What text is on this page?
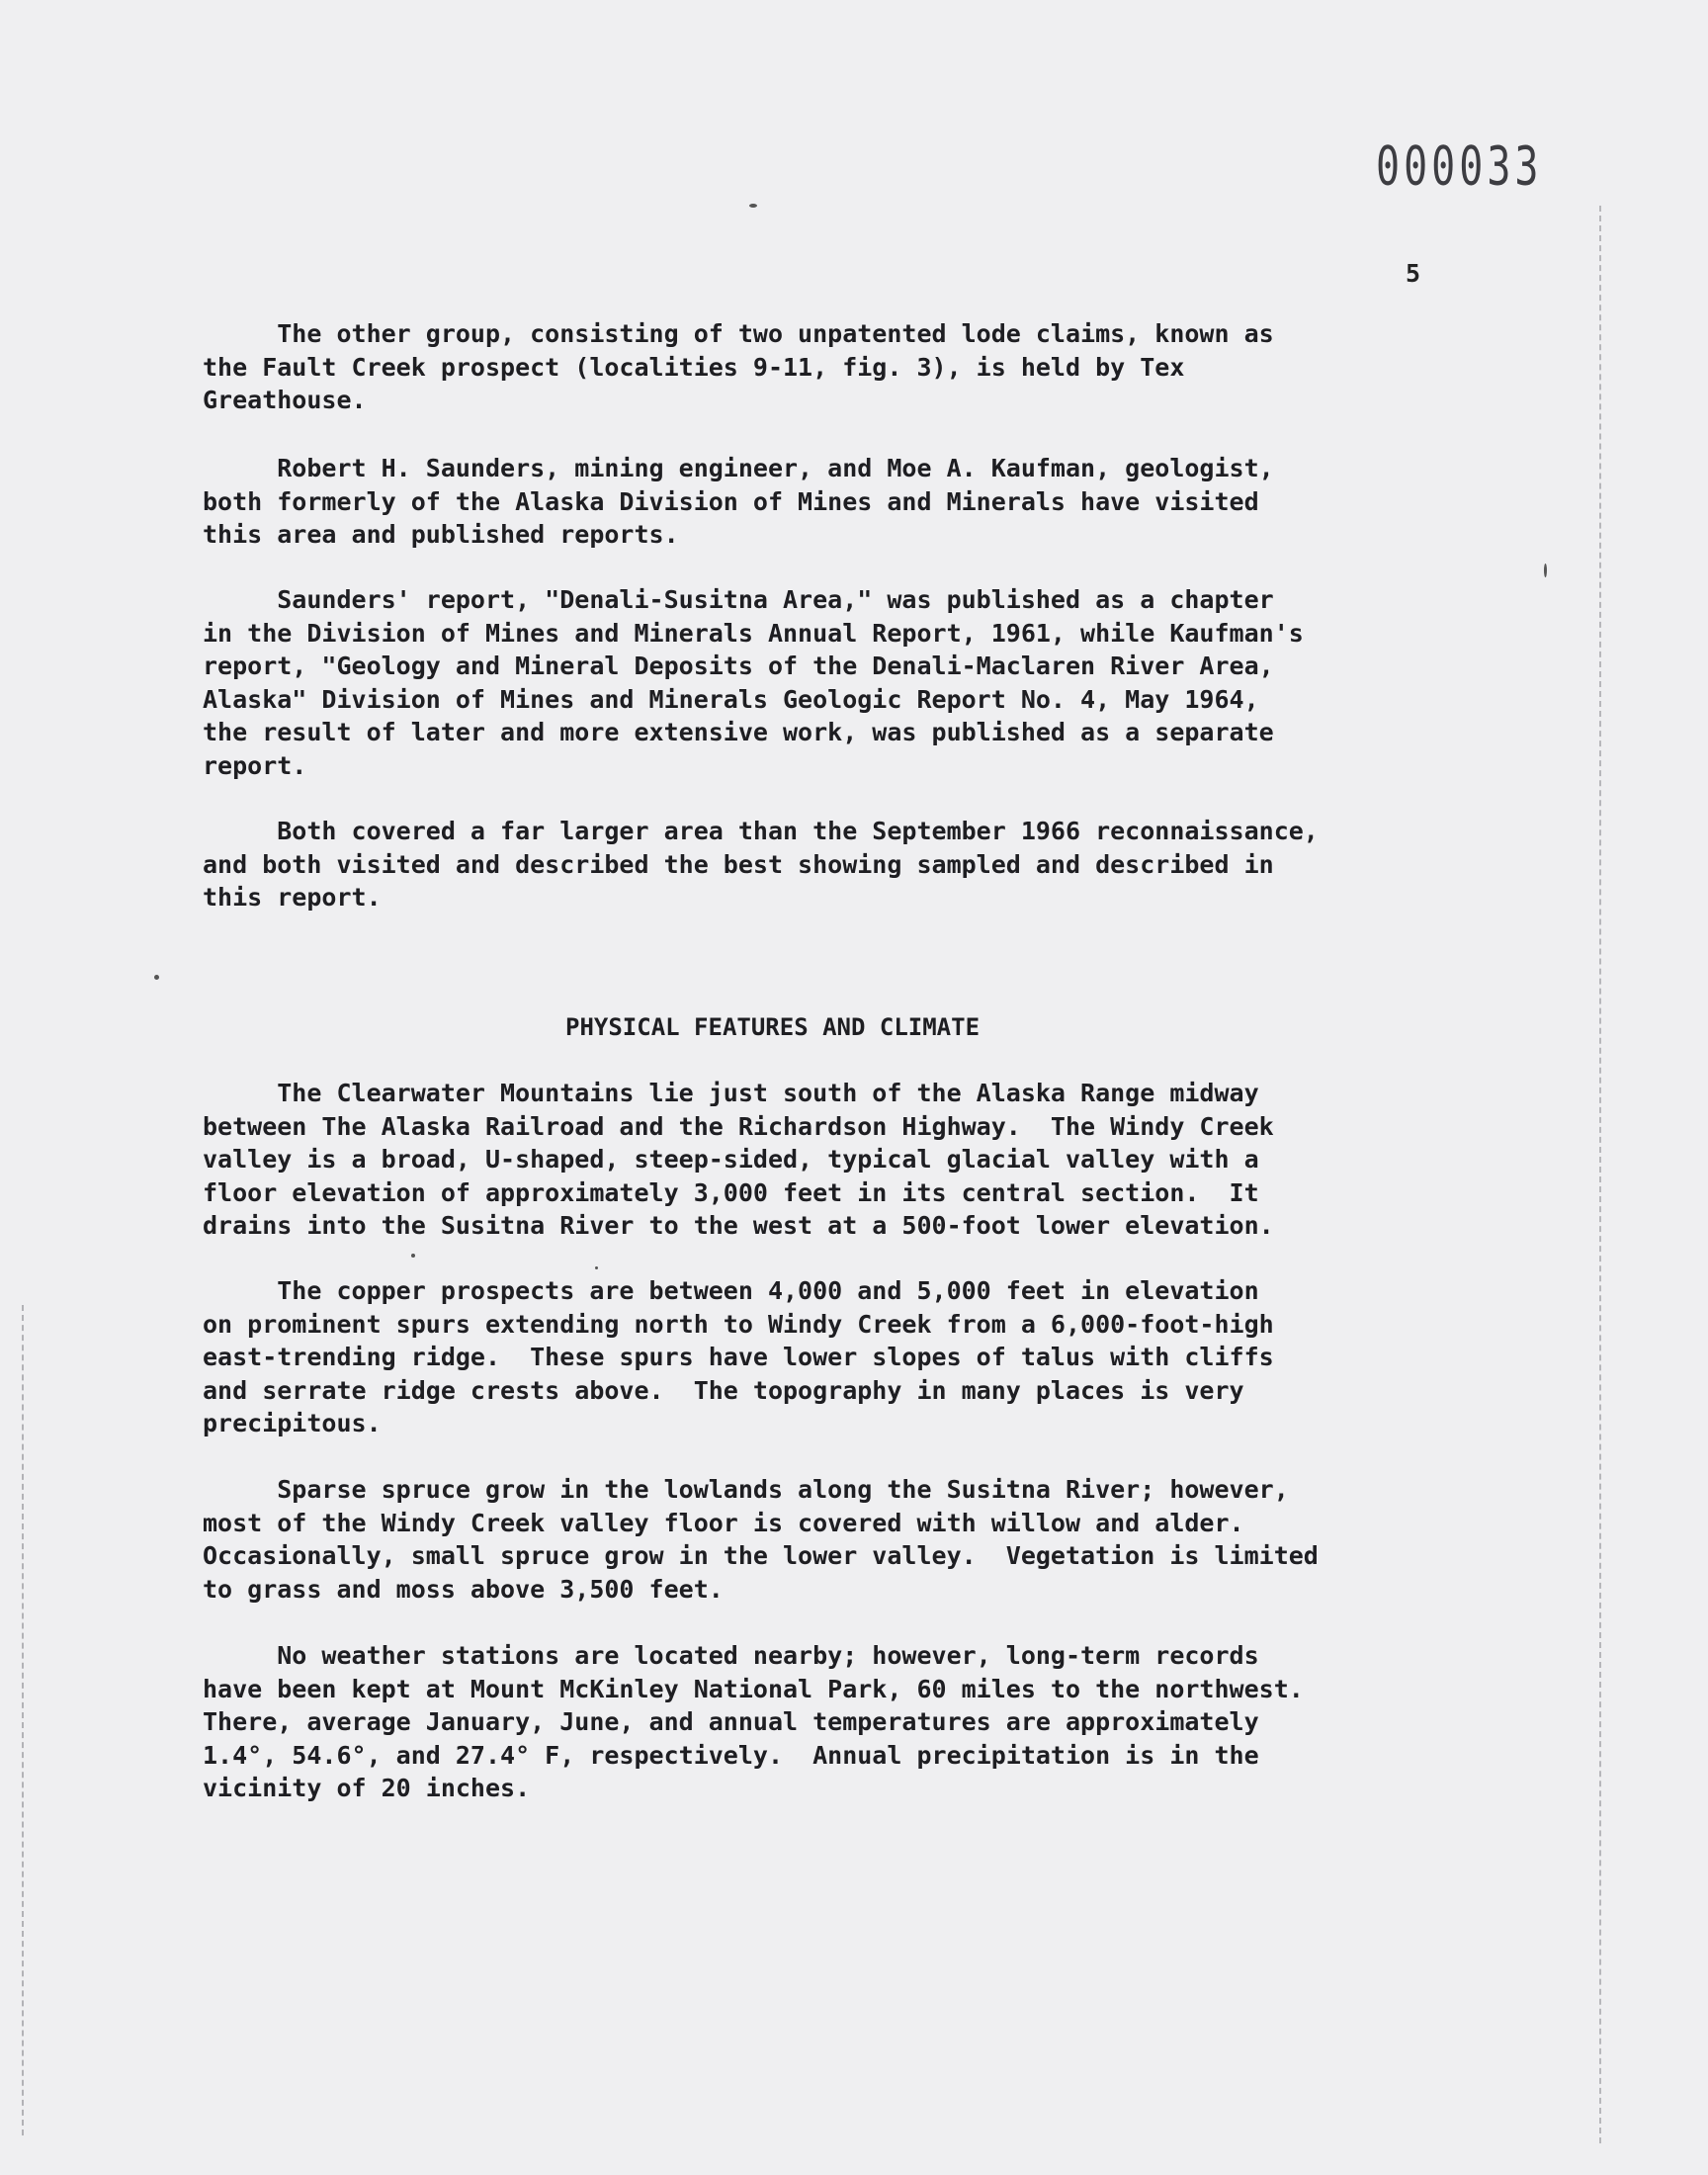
000033
5

The other group, consisting of two unpatented lode claims, known as
the Fault Creek prospect (localities 9-11, fig. 3), is held by Tex
Greathouse.

Robert H. Saunders, mining engineer, and Moe A. Kaufman, geologist,
both formerly of the Alaska Division of Mines and Minerals have visited
this area and published reports.

Saunders' report, "Denali-Susitna Area," was published as a chapter
in the Division of Mines and Minerals Annual Report, 1961, while Kaufman's
report, "Geology and Mineral Deposits of the Denali-Maclaren River Area,
Alaska" Division of Mines and Minerals Geologic Report No. 4, May 1964,
the result of later and more extensive work, was published as a separate
report.

Both covered a far larger area than the September 1966 reconnaissance,
and both visited and described the best showing sampled and described in
this report.

PHYSICAL FEATURES AND CLIMATE

The Clearwater Mountains lie just south of the Alaska Range midway
between The Alaska Railroad and the Richardson Highway.  The Windy Creek
valley is a broad, U-shaped, steep-sided, typical glacial valley with a
floor elevation of approximately 3,000 feet in its central section.  It
drains into the Susitna River to the west at a 500-foot lower elevation.

The copper prospects are between 4,000 and 5,000 feet in elevation
on prominent spurs extending north to Windy Creek from a 6,000-foot-high
east-trending ridge.  These spurs have lower slopes of talus with cliffs
and serrate ridge crests above.  The topography in many places is very
precipitous.

Sparse spruce grow in the lowlands along the Susitna River; however,
most of the Windy Creek valley floor is covered with willow and alder.
Occasionally, small spruce grow in the lower valley.  Vegetation is limited
to grass and moss above 3,500 feet.

No weather stations are located nearby; however, long-term records
have been kept at Mount McKinley National Park, 60 miles to the northwest.
There, average January, June, and annual temperatures are approximately
1.4°, 54.6°, and 27.4° F, respectively.  Annual precipitation is in the
vicinity of 20 inches.
